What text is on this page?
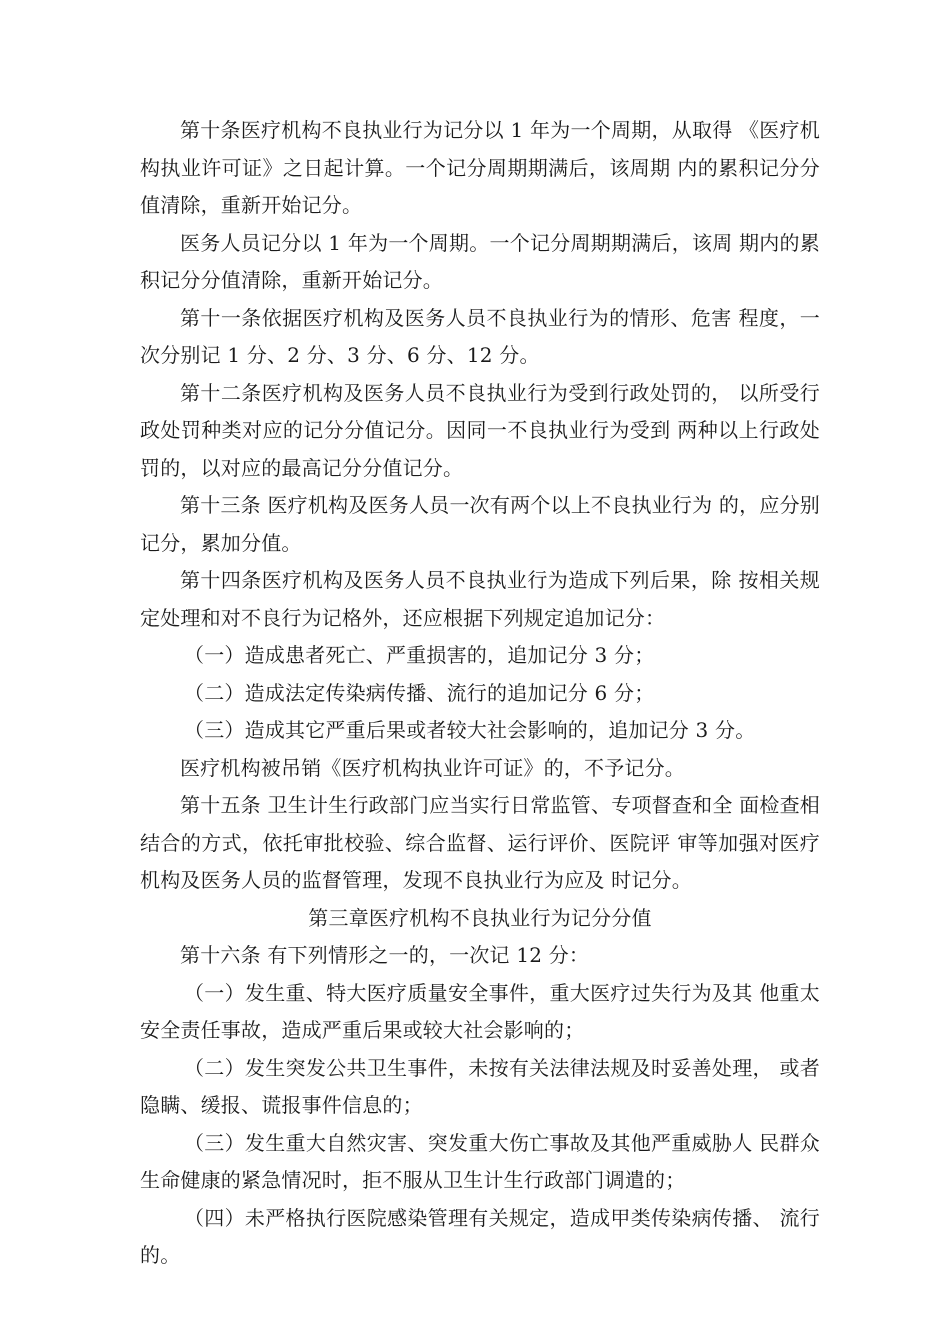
第十条医疗机构不良执业行为记分以 1 年为一个周期，从取得 《医疗机构执业许可证》之日起计算。一个记分周期期满后，该周期 内的累积记分分值清除，重新开始记分。

医务人员记分以 1 年为一个周期。一个记分周期期满后，该周 期内的累积记分分值清除，重新开始记分。

第十一条依据医疗机构及医务人员不良执业行为的情形、危害 程度，一次分别记 1 分、2 分、3 分、6 分、12 分。

第十二条医疗机构及医务人员不良执业行为受到行政处罚的， 以所受行政处罚种类对应的记分分值记分。因同一不良执业行为受到 两种以上行政处罚的，以对应的最高记分分值记分。

第十三条 医疗机构及医务人员一次有两个以上不良执业行为 的，应分别记分，累加分值。

第十四条医疗机构及医务人员不良执业行为造成下列后果，除 按相关规定处理和对不良行为记格外，还应根据下列规定追加记分：

（一）造成患者死亡、严重损害的，追加记分 3 分；

（二）造成法定传染病传播、流行的追加记分 6 分；

（三）造成其它严重后果或者较大社会影响的，追加记分 3 分。

医疗机构被吊销《医疗机构执业许可证》的，不予记分。

第十五条 卫生计生行政部门应当实行日常监管、专项督查和全 面检查相结合的方式，依托审批校验、综合监督、运行评价、医院评 审等加强对医疗机构及医务人员的监督管理，发现不良执业行为应及 时记分。

第三章医疗机构不良执业行为记分分值

第十六条 有下列情形之一的，一次记 12 分：

（一）发生重、特大医疗质量安全事件，重大医疗过失行为及其 他重太安全责任事故，造成严重后果或较大社会影响的；

（二）发生突发公共卫生事件，未按有关法律法规及时妥善处理， 或者隐瞒、缓报、谎报事件信息的；

（三）发生重大自然灾害、突发重大伤亡事故及其他严重威胁人 民群众生命健康的紧急情况时，拒不服从卫生计生行政部门调遣的；

（四）未严格执行医院感染管理有关规定，造成甲类传染病传播、 流行的。
